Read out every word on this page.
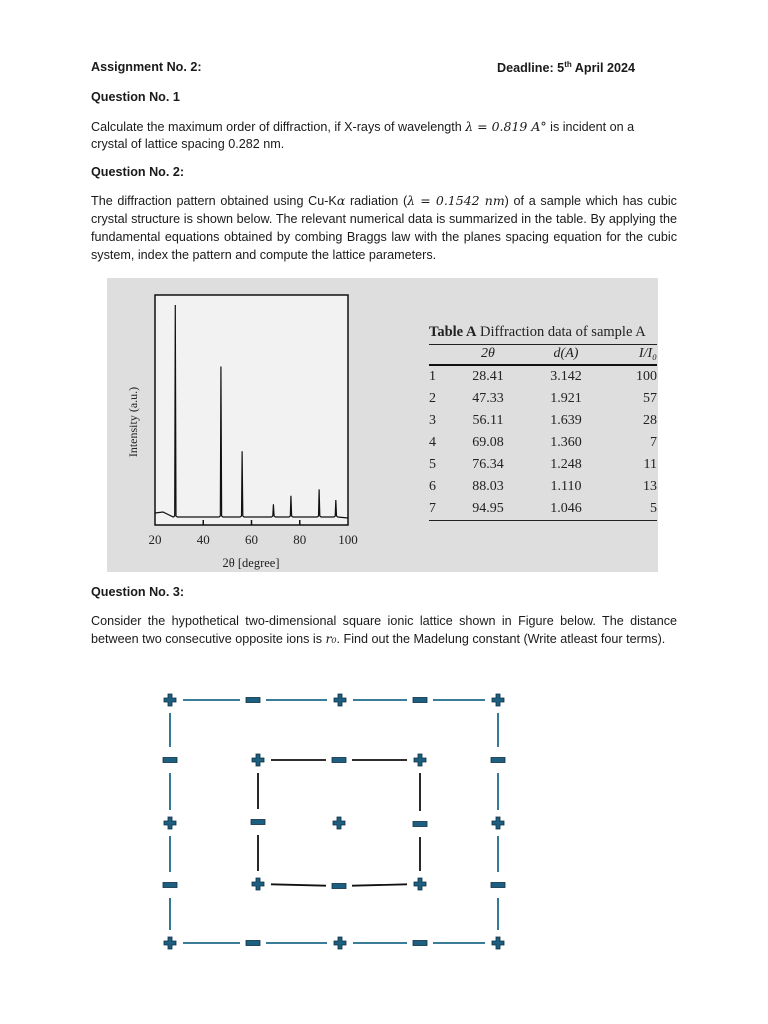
Assignment No. 2:	Deadline: 5th April 2024
Question No. 1
Calculate the maximum order of diffraction, if X-rays of wavelength λ = 0.819 A° is incident on a
crystal of lattice spacing 0.282 nm.
Question No. 2:
The diffraction pattern obtained using Cu-Kα radiation (λ = 0.1542 nm) of a sample which has cubic crystal structure is shown below. The relevant numerical data is summarized in the table. By applying the fundamental equations obtained by combing Braggs law with the planes spacing equation for the cubic system, index the pattern and compute the lattice parameters.
20	40	60	80 100
Intensity (a.u.)
2θ [degree]
Table A Diffraction data of sample A
	2θ	d(A)	I/I₀
1	28.41	3.142	100
2	47.33	1.921	57
3	56.11	1.639	28
4	69.08	1.360	7
5	76.34	1.248	11
6	88.03	1.110	13
7	94.95	1.046	5
Question No. 3:
Consider the hypothetical two-dimensional square ionic lattice shown in Figure below. The distance between two consecutive opposite ions is r₀. Find out the Madelung constant (Write atleast four terms).
